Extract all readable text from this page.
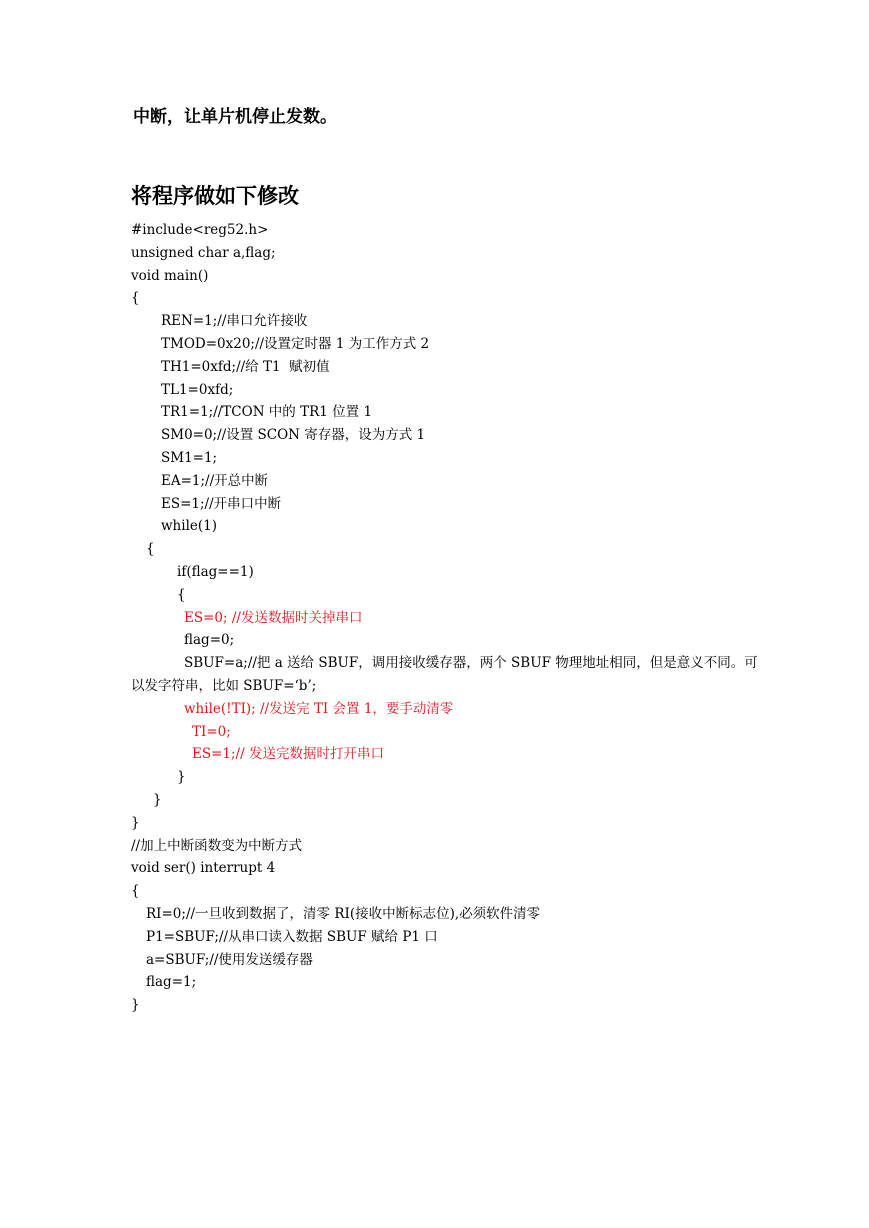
中断，让单片机停止发数。
将程序做如下修改
#include<reg52.h>
unsigned char a,flag;
void main()
{
REN=1;//串口允许接收
TMOD=0x20;//设置定时器 1 为工作方式 2
TH1=0xfd;//给 T1  赋初值
TL1=0xfd;
TR1=1;//TCON 中的 TR1 位置 1
SM0=0;//设置 SCON 寄存器，设为方式 1
SM1=1;
EA=1;//开总中断
ES=1;//开串口中断
while(1)
{
if(flag==1)
{
ES=0; //发送数据时关掉串口
flag=0;
SBUF=a;//把 a 送给 SBUF，调用接收缓存器，两个 SBUF 物理地址相同，但是意义不同。可以发字符串，比如 SBUF=‘b’;
while(!TI); //发送完 TI 会置 1，要手动清零
TI=0;
ES=1;// 发送完数据时打开串口
}
}
}
//加上中断函数变为中断方式
void ser() interrupt 4
{
RI=0;//一旦收到数据了，清零 RI(接收中断标志位),必须软件清零
P1=SBUF;//从串口读入数据 SBUF 赋给 P1 口
a=SBUF;//使用发送缓存器
flag=1;
}
